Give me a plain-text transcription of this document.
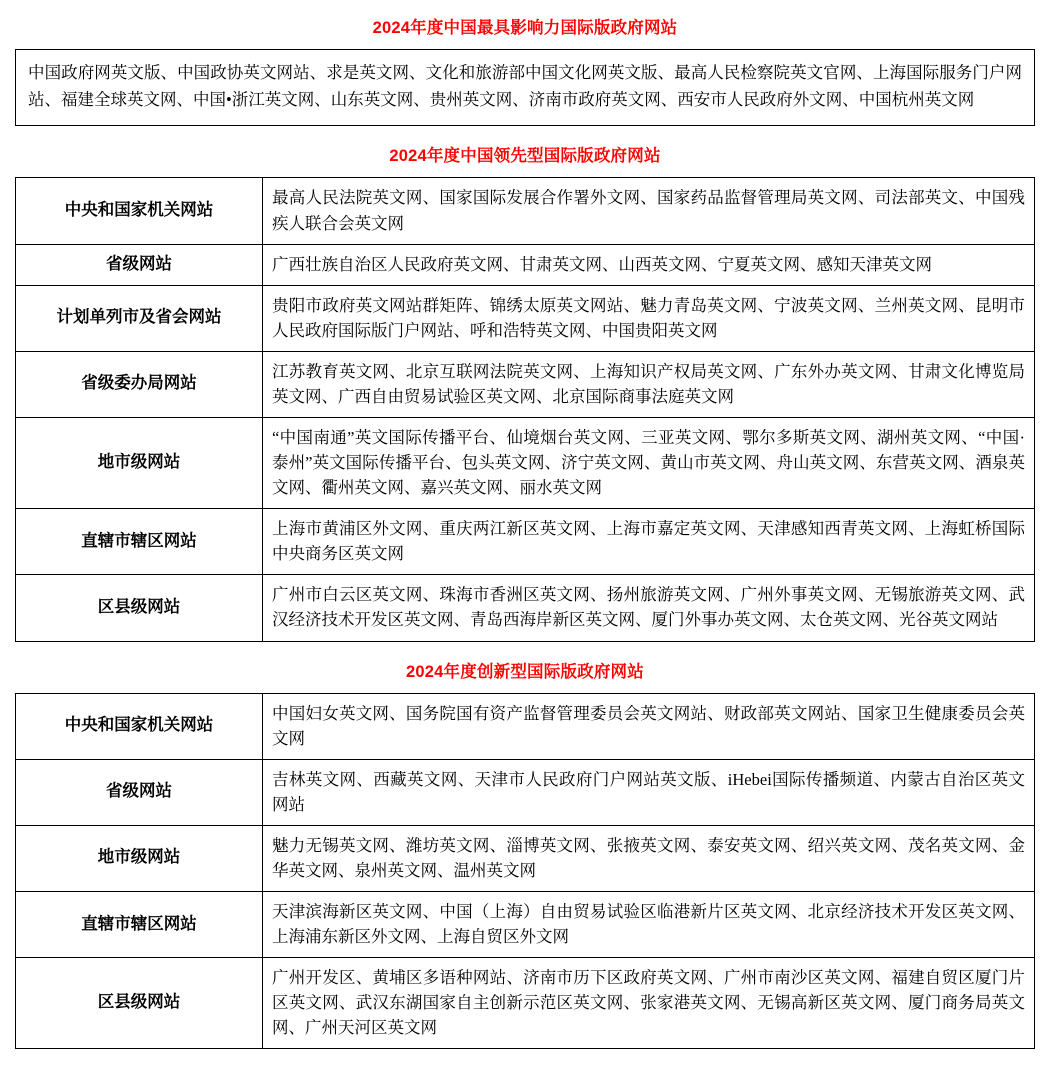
2024年度中国最具影响力国际版政府网站
中国政府网英文版、中国政协英文网站、求是英文网、文化和旅游部中国文化网英文版、最高人民检察院英文官网、上海国际服务门户网站、福建全球英文网、中国•浙江英文网、山东英文网、贵州英文网、济南市政府英文网、西安市人民政府外文网、中国杭州英文网
2024年度中国领先型国际版政府网站
中央和国家机关网站	最高人民法院英文网、国家国际发展合作署外文网、国家药品监督管理局英文网、司法部英文、中国残疾人联合会英文网
省级网站	广西壮族自治区人民政府英文网、甘肃英文网、山西英文网、宁夏英文网、感知天津英文网
计划单列市及省会网站	贵阳市政府英文网站群矩阵、锦绣太原英文网站、魅力青岛英文网、宁波英文网、兰州英文网、昆明市人民政府国际版门户网站、呼和浩特英文网、中国贵阳英文网
省级委办局网站	江苏教育英文网、北京互联网法院英文网、上海知识产权局英文网、广东外办英文网、甘肃文化博览局英文网、广西自由贸易试验区英文网、北京国际商事法庭英文网
地市级网站	“中国南通”英文国际传播平台、仙境烟台英文网、三亚英文网、鄂尔多斯英文网、湖州英文网、“中国·泰州”英文国际传播平台、包头英文网、济宁英文网、黄山市英文网、舟山英文网、东营英文网、酒泉英文网、衢州英文网、嘉兴英文网、丽水英文网
直辖市辖区网站	上海市黄浦区外文网、重庆两江新区英文网、上海市嘉定英文网、天津感知西青英文网、上海虹桥国际中央商务区英文网
区县级网站	广州市白云区英文网、珠海市香洲区英文网、扬州旅游英文网、广州外事英文网、无锡旅游英文网、武汉经济技术开发区英文网、青岛西海岸新区英文网、厦门外事办英文网、太仓英文网、光谷英文网站
2024年度创新型国际版政府网站
中央和国家机关网站	中国妇女英文网、国务院国有资产监督管理委员会英文网站、财政部英文网站、国家卫生健康委员会英文网
省级网站	吉林英文网、西藏英文网、天津市人民政府门户网站英文版、iHebei国际传播频道、内蒙古自治区英文网站
地市级网站	魅力无锡英文网、潍坊英文网、淄博英文网、张掖英文网、泰安英文网、绍兴英文网、茂名英文网、金华英文网、泉州英文网、温州英文网
直辖市辖区网站	天津滨海新区英文网、中国（上海）自由贸易试验区临港新片区英文网、北京经济技术开发区英文网、上海浦东新区外文网、上海自贸区外文网
区县级网站	广州开发区、黄埔区多语种网站、济南市历下区政府英文网、广州市南沙区英文网、福建自贸区厦门片区英文网、武汉东湖国家自主创新示范区英文网、张家港英文网、无锡高新区英文网、厦门商务局英文网、广州天河区英文网
